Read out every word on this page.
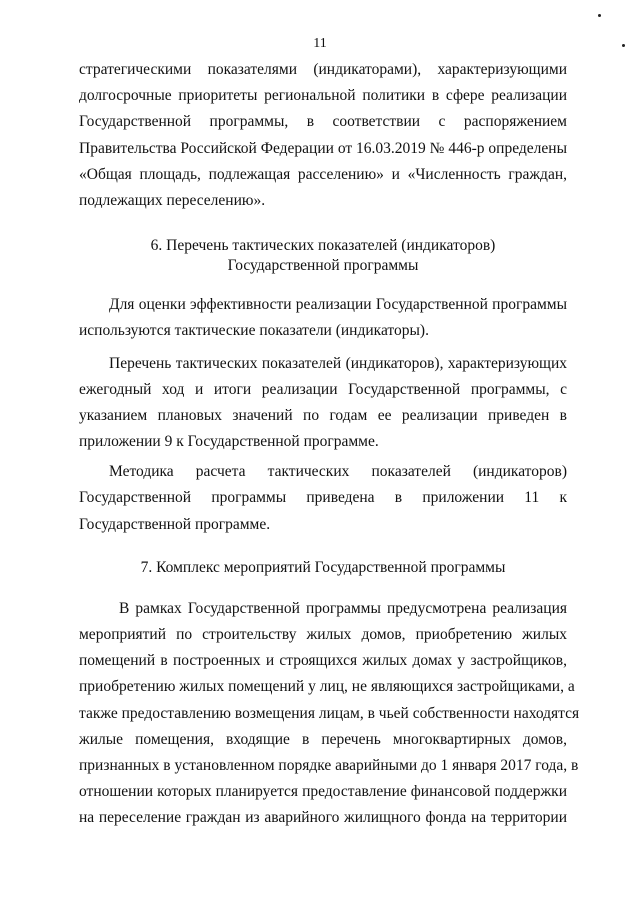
11
стратегическими показателями (индикаторами), характеризующими
долгосрочные приоритеты региональной политики в сфере реализации
Государственной программы, в соответствии с распоряжением
Правительства Российской Федерации от 16.03.2019 № 446-р определены
«Общая площадь, подлежащая расселению» и «Численность граждан,
подлежащих переселению».
6. Перечень тактических показателей (индикаторов)
Государственной программы
Для оценки эффективности реализации Государственной программы
используются тактические показатели (индикаторы).
Перечень тактических показателей (индикаторов), характеризующих
ежегодный ход и итоги реализации Государственной программы, с
указанием плановых значений по годам ее реализации приведен в
приложении 9 к Государственной программе.
Методика расчета тактических показателей (индикаторов)
Государственной программы приведена в приложении 11 к
Государственной программе.
7. Комплекс мероприятий Государственной программы
В рамках Государственной программы предусмотрена реализация
мероприятий по строительству жилых домов, приобретению жилых
помещений в построенных и строящихся жилых домах у застройщиков,
приобретению жилых помещений у лиц, не являющихся застройщиками, а
также предоставлению возмещения лицам, в чьей собственности находятся
жилые помещения, входящие в перечень многоквартирных домов,
признанных в установленном порядке аварийными до 1 января 2017 года, в
отношении которых планируется предоставление финансовой поддержки
на переселение граждан из аварийного жилищного фонда на территории
